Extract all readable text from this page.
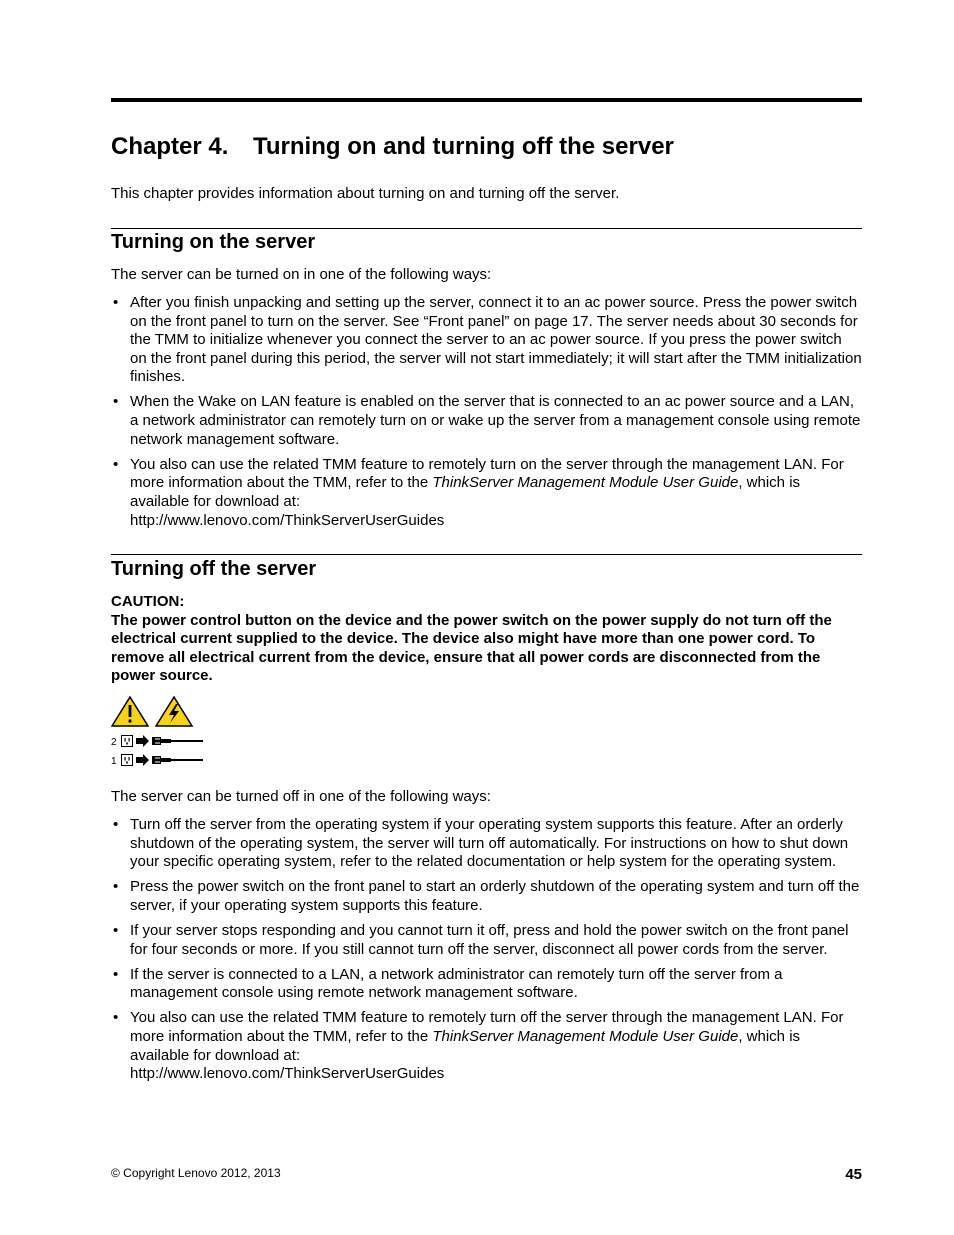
Chapter 4. Turning on and turning off the server

This chapter provides information about turning on and turning off the server.

Turning on the server

The server can be turned on in one of the following ways:

• After you finish unpacking and setting up the server, connect it to an ac power source. Press the power switch on the front panel to turn on the server. See “Front panel” on page 17. The server needs about 30 seconds for the TMM to initialize whenever you connect the server to an ac power source. If you press the power switch on the front panel during this period, the server will not start immediately; it will start after the TMM initialization finishes.
• When the Wake on LAN feature is enabled on the server that is connected to an ac power source and a LAN, a network administrator can remotely turn on or wake up the server from a management console using remote network management software.
• You also can use the related TMM feature to remotely turn on the server through the management LAN. For more information about the TMM, refer to the ThinkServer Management Module User Guide, which is available for download at:
http://www.lenovo.com/ThinkServerUserGuides
Turning off the server

CAUTION:
The power control button on the device and the power switch on the power supply do not turn off the electrical current supplied to the device. The device also might have more than one power cord. To remove all electrical current from the device, ensure that all power cords are disconnected from the power source.

2
1

The server can be turned off in one of the following ways:

• Turn off the server from the operating system if your operating system supports this feature. After an orderly shutdown of the operating system, the server will turn off automatically. For instructions on how to shut down your specific operating system, refer to the related documentation or help system for the operating system.
• Press the power switch on the front panel to start an orderly shutdown of the operating system and turn off the server, if your operating system supports this feature.
• If your server stops responding and you cannot turn it off, press and hold the power switch on the front panel for four seconds or more. If you still cannot turn off the server, disconnect all power cords from the server.
• If the server is connected to a LAN, a network administrator can remotely turn off the server from a management console using remote network management software.
• You also can use the related TMM feature to remotely turn off the server through the management LAN. For more information about the TMM, refer to the ThinkServer Management Module User Guide, which is available for download at:
http://www.lenovo.com/ThinkServerUserGuides

© Copyright Lenovo 2012, 2013	45
